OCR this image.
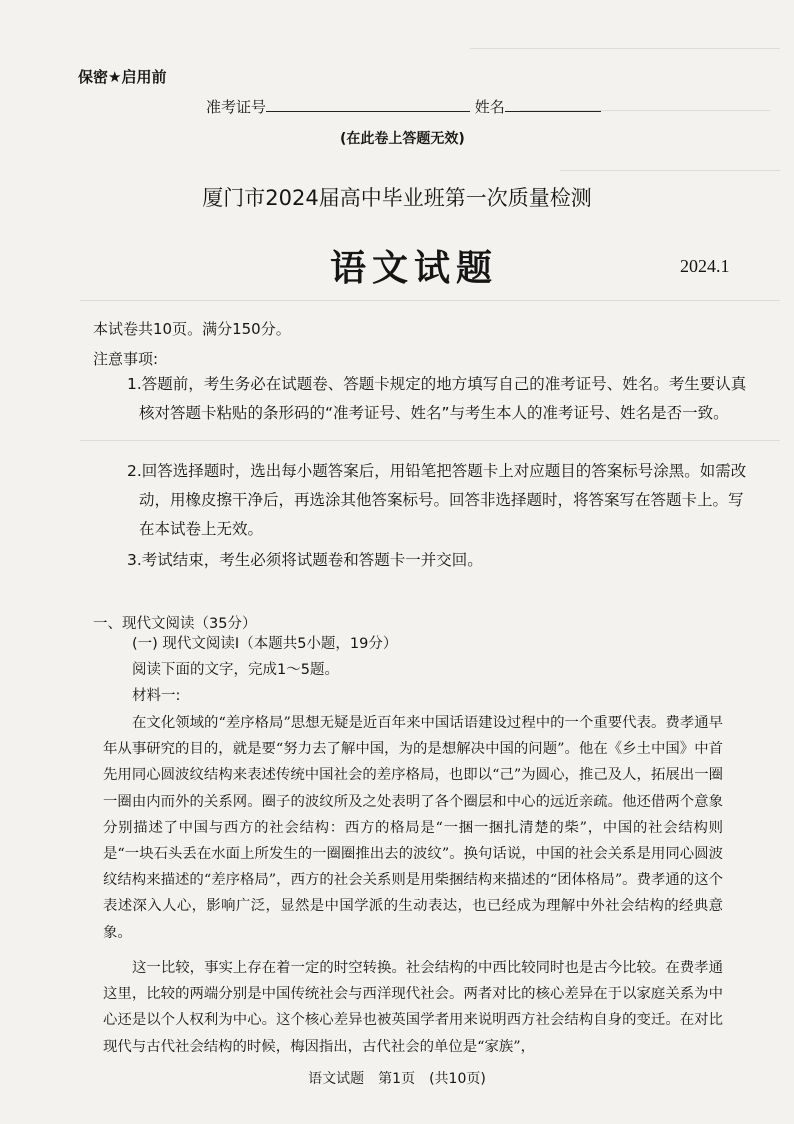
保密★启用前
准考证号	姓名
(在此卷上答题无效)
厦门市2024届高中毕业班第一次质量检测
语文试题	2024.1
本试卷共10页。满分150分。
注意事项:
1.答题前，考生务必在试题卷、答题卡规定的地方填写自己的准考证号、姓名。考生要认真核对答题卡粘贴的条形码的“准考证号、姓名”与考生本人的准考证号、姓名是否一致。
2.回答选择题时，选出每小题答案后，用铅笔把答题卡上对应题目的答案标号涂黑。如需改动，用橡皮擦干净后，再选涂其他答案标号。回答非选择题时，将答案写在答题卡上。写在本试卷上无效。
3.考试结束，考生必须将试题卷和答题卡一并交回。
一、现代文阅读（35分）
(一) 现代文阅读Ⅰ（本题共5小题，19分）
阅读下面的文字，完成1～5题。
材料一:
在文化领域的“差序格局”思想无疑是近百年来中国话语建设过程中的一个重要代表。费孝通早年从事研究的目的，就是要“努力去了解中国，为的是想解决中国的问题”。他在《乡土中国》中首先用同心圆波纹结构来表述传统中国社会的差序格局，也即以“己”为圆心，推己及人，拓展出一圈一圈由内而外的关系网。圈子的波纹所及之处表明了各个圈层和中心的远近亲疏。他还借两个意象分别描述了中国与西方的社会结构：西方的格局是“一捆一捆扎清楚的柴”，中国的社会结构则是“一块石头丢在水面上所发生的一圈圈推出去的波纹”。换句话说，中国的社会关系是用同心圆波纹结构来描述的“差序格局”，西方的社会关系则是用柴捆结构来描述的“团体格局”。费孝通的这个表述深入人心，影响广泛，显然是中国学派的生动表达，也已经成为理解中外社会结构的经典意象。
这一比较，事实上存在着一定的时空转换。社会结构的中西比较同时也是古今比较。在费孝通这里，比较的两端分别是中国传统社会与西洋现代社会。两者对比的核心差异在于以家庭关系为中心还是以个人权利为中心。这个核心差异也被英国学者用来说明西方社会结构自身的变迁。在对比现代与古代社会结构的时候，梅因指出，古代社会的单位是“家族”，
语文试题　第1页　(共10页)
